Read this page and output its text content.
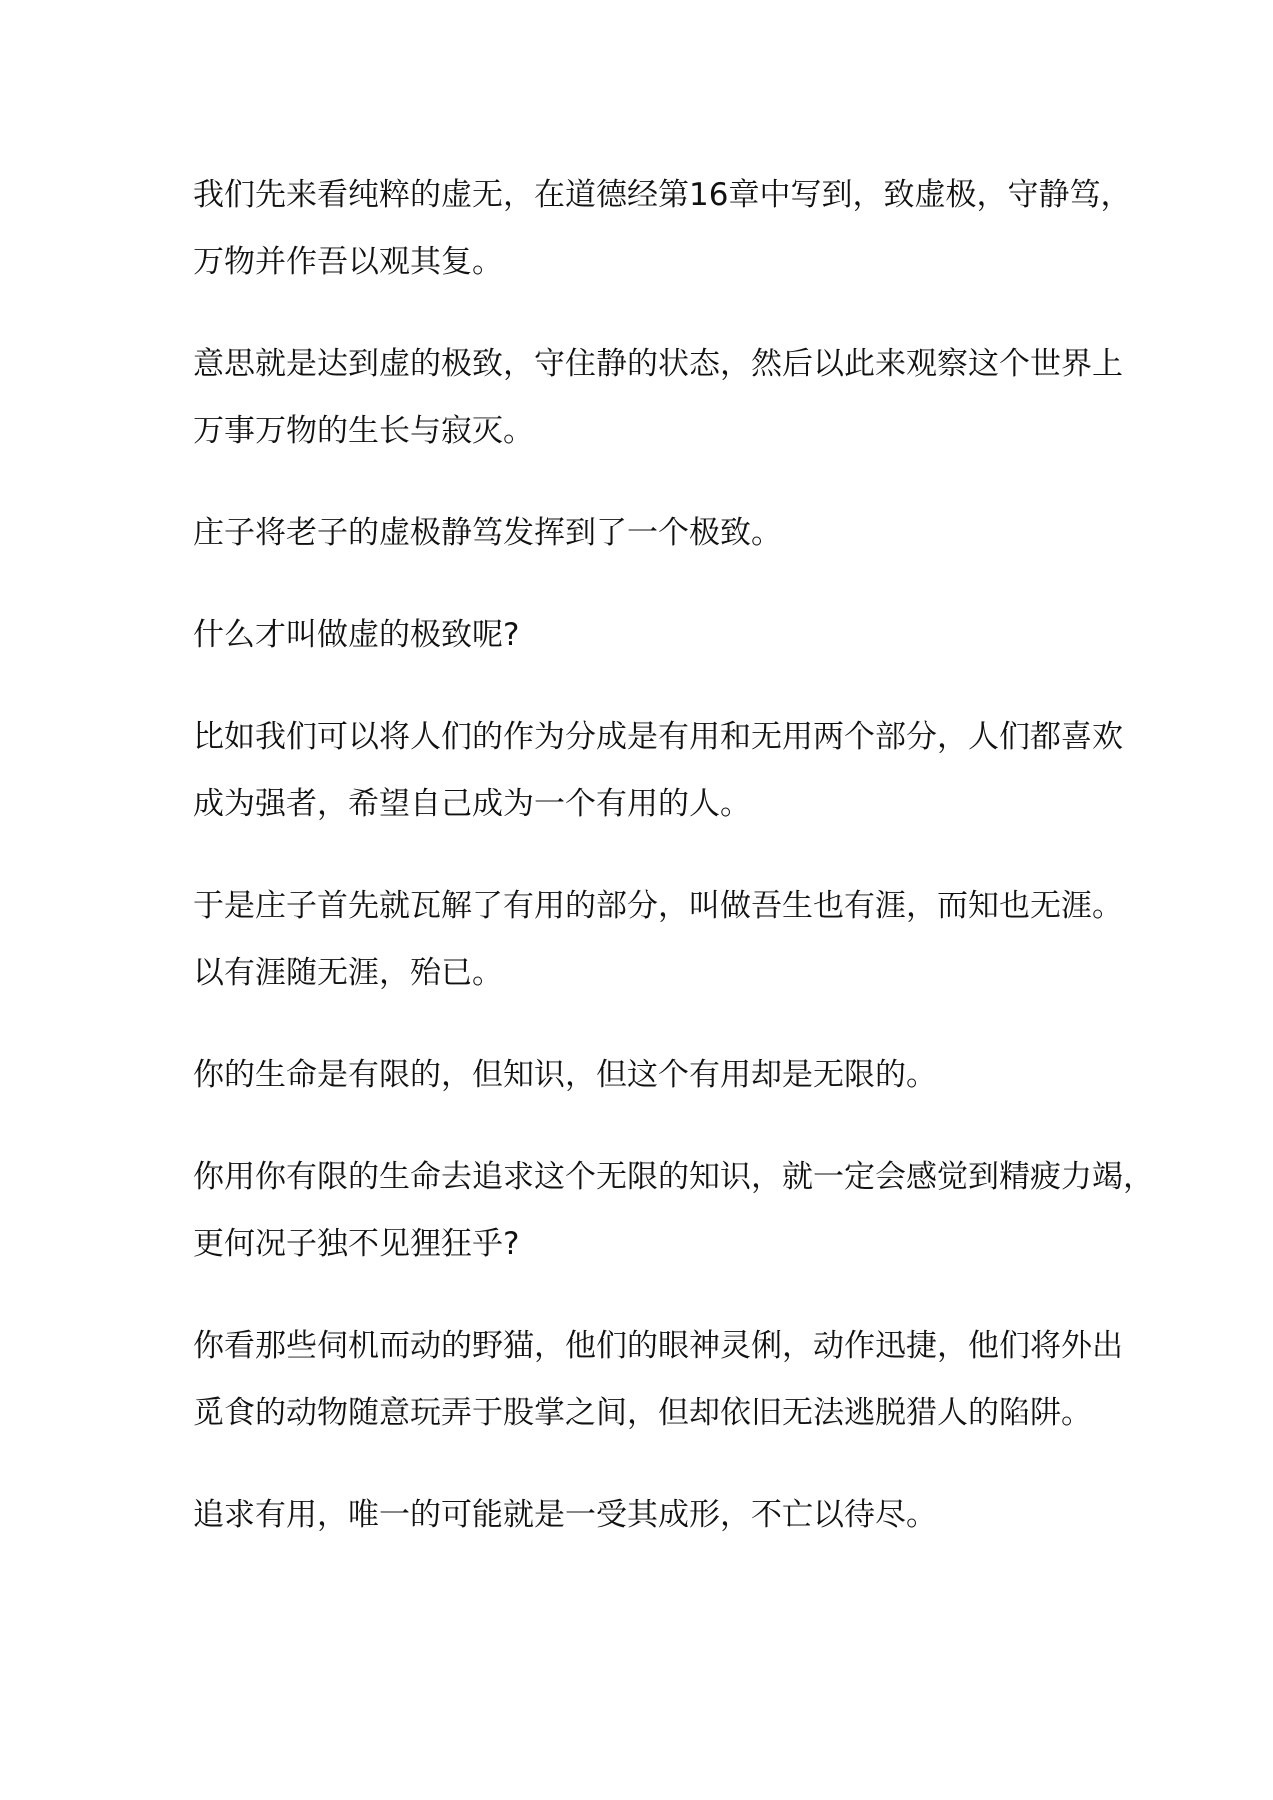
我们先来看纯粹的虚无，在道德经第16章中写到，致虚极，守静笃，
万物并作吾以观其复。

意思就是达到虚的极致，守住静的状态，然后以此来观察这个世界上
万事万物的生长与寂灭。

庄子将老子的虚极静笃发挥到了一个极致。

什么才叫做虚的极致呢?

比如我们可以将人们的作为分成是有用和无用两个部分，人们都喜欢
成为强者，希望自己成为一个有用的人。

于是庄子首先就瓦解了有用的部分，叫做吾生也有涯，而知也无涯。
以有涯随无涯，殆已。

你的生命是有限的，但知识，但这个有用却是无限的。

你用你有限的生命去追求这个无限的知识，就一定会感觉到精疲力竭，
更何况子独不见狸狂乎?

你看那些伺机而动的野猫，他们的眼神灵俐，动作迅捷，他们将外出
觅食的动物随意玩弄于股掌之间，但却依旧无法逃脱猎人的陷阱。

追求有用，唯一的可能就是一受其成形，不亡以待尽。
